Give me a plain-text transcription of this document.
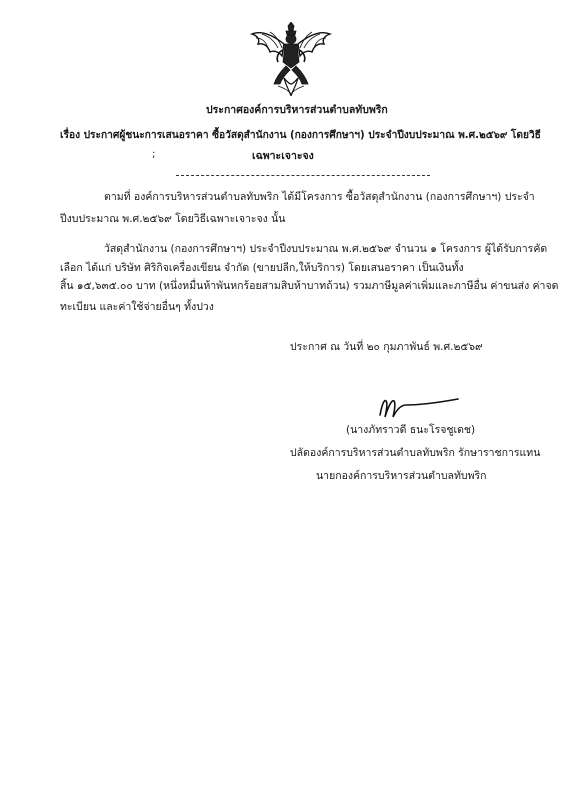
ประกาศองค์การบริหารส่วนตำบลทับพริก
เรื่อง ประกาศผู้ชนะการเสนอราคา ซื้อวัสดุสำนักงาน (กองการศึกษาฯ) ประจำปีงบประมาณ พ.ศ.๒๕๖๙ โดยวิธี
;	เฉพาะเจาะจง
ตามที่ องค์การบริหารส่วนตำบลทับพริก ได้มีโครงการ ซื้อวัสดุสำนักงาน (กองการศึกษาฯ) ประจำ
ปีงบประมาณ พ.ศ.๒๕๖๙ โดยวิธีเฉพาะเจาะจง นั้น
วัสดุสำนักงาน (กองการศึกษาฯ) ประจำปีงบประมาณ พ.ศ.๒๕๖๙ จำนวน ๑ โครงการ ผู้ได้รับการคัด
เลือก ได้แก่ บริษัท ศิริกิจเครื่องเขียน จำกัด (ขายปลีก,ให้บริการ) โดยเสนอราคา เป็นเงินทั้ง
สิ้น ๑๕,๖๓๕.๐๐ บาท (หนึ่งหมื่นห้าพันหกร้อยสามสิบห้าบาทถ้วน) รวมภาษีมูลค่าเพิ่มและภาษีอื่น ค่าขนส่ง ค่าจด
ทะเบียน และค่าใช้จ่ายอื่นๆ ทั้งปวง
ประกาศ ณ วันที่ ๒๐ กุมภาพันธ์ พ.ศ.๒๕๖๙
(นางภัทราวดี ธนะโรจชูเดช)
ปลัดองค์การบริหารส่วนตำบลทับพริก รักษาราชการแทน
นายกองค์การบริหารส่วนตำบลทับพริก
